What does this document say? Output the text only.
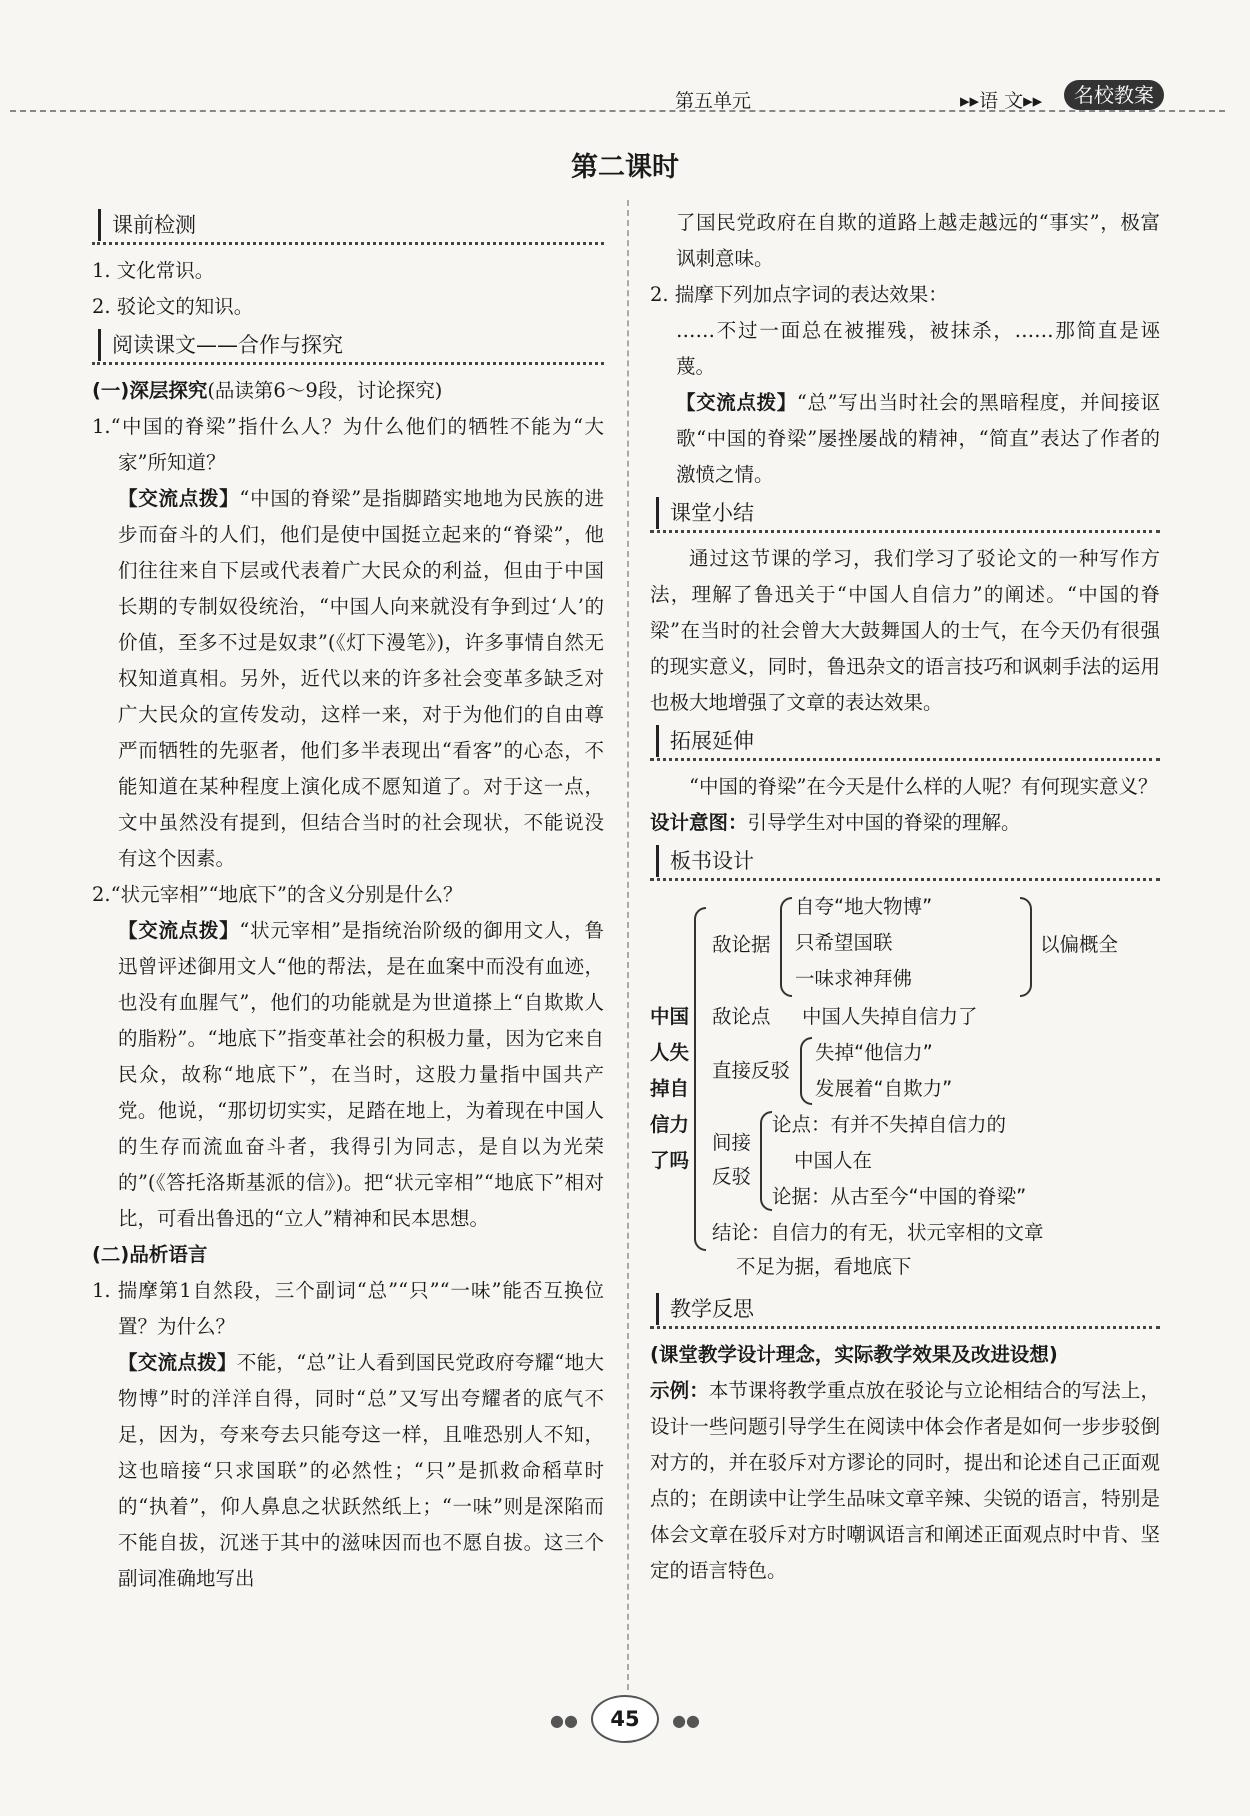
第五单元	▸▸语 文▸▸	名校教案
第二课时
课前检测

1. 文化常识。

2. 驳论文的知识。

阅读课文——合作与探究

(一)深层探究(品读第6～9段，讨论探究)

1.“中国的脊梁”指什么人？为什么他们的牺牲不能为“大家”所知道？

【交流点拨】“中国的脊梁”是指脚踏实地地为民族的进步而奋斗的人们，他们是使中国挺立起来的“脊梁”，他们往往来自下层或代表着广大民众的利益，但由于中国长期的专制奴役统治，“中国人向来就没有争到过‘人’的价值，至多不过是奴隶”(《灯下漫笔》)，许多事情自然无权知道真相。另外，近代以来的许多社会变革多缺乏对广大民众的宣传发动，这样一来，对于为他们的自由尊严而牺牲的先驱者，他们多半表现出“看客”的心态，不能知道在某种程度上演化成不愿知道了。对于这一点，文中虽然没有提到，但结合当时的社会现状，不能说没有这个因素。

2.“状元宰相”“地底下”的含义分别是什么？

【交流点拨】“状元宰相”是指统治阶级的御用文人，鲁迅曾评述御用文人“他的帮法，是在血案中而没有血迹，也没有血腥气”，他们的功能就是为世道搽上“自欺欺人的脂粉”。“地底下”指变革社会的积极力量，因为它来自民众，故称“地底下”，在当时，这股力量指中国共产党。他说，“那切切实实，足踏在地上，为着现在中国人的生存而流血奋斗者，我得引为同志，是自以为光荣的”(《答托洛斯基派的信》)。把“状元宰相”“地底下”相对比，可看出鲁迅的“立人”精神和民本思想。

(二)品析语言

1. 揣摩第1自然段，三个副词“总”“只”“一味”能否互换位置？为什么？

【交流点拨】不能，“总”让人看到国民党政府夸耀“地大物博”时的洋洋自得，同时“总”又写出夸耀者的底气不足，因为，夸来夸去只能夸这一样，且唯恐别人不知，这也暗接“只求国联”的必然性；“只”是抓救命稻草时的“执着”，仰人鼻息之状跃然纸上；“一味”则是深陷而不能自拔，沉迷于其中的滋味因而也不愿自拔。这三个副词准确地写出

了国民党政府在自欺的道路上越走越远的“事实”，极富讽刺意味。

2. 揣摩下列加点字词的表达效果：

……不过一面总在被摧残，被抹杀，……那简直是诬蔑。

【交流点拨】“总”写出当时社会的黑暗程度，并间接讴歌“中国的脊梁”屡挫屡战的精神，“简直”表达了作者的激愤之情。

课堂小结

通过这节课的学习，我们学习了驳论文的一种写作方法，理解了鲁迅关于“中国人自信力”的阐述。“中国的脊梁”在当时的社会曾大大鼓舞国人的士气，在今天仍有很强的现实意义，同时，鲁迅杂文的语言技巧和讽刺手法的运用也极大地增强了文章的表达效果。

拓展延伸

“中国的脊梁”在今天是什么样的人呢？有何现实意义？

设计意图：引导学生对中国的脊梁的理解。

板书设计
中国
人失
掉自
信力
了吗
敌论据
自夸“地大物博”
只希望国联
一味求神拜佛
以偏概全
敌论点 中国人失掉自信力了
直接反驳
失掉“他信力”
发展着“自欺力”
间接
反驳
论点：有并不失掉自信力的
中国人在
论据：从古至今“中国的脊梁”
结论：自信力的有无，状元宰相的文章
不足为据，看地底下
教学反思

(课堂教学设计理念，实际教学效果及改进设想)

示例：本节课将教学重点放在驳论与立论相结合的写法上，设计一些问题引导学生在阅读中体会作者是如何一步步驳倒对方的，并在驳斥对方谬论的同时，提出和论述自己正面观点的；在朗读中让学生品味文章辛辣、尖锐的语言，特别是体会文章在驳斥对方时嘲讽语言和阐述正面观点时中肯、坚定的语言特色。

●● 45 ●●
